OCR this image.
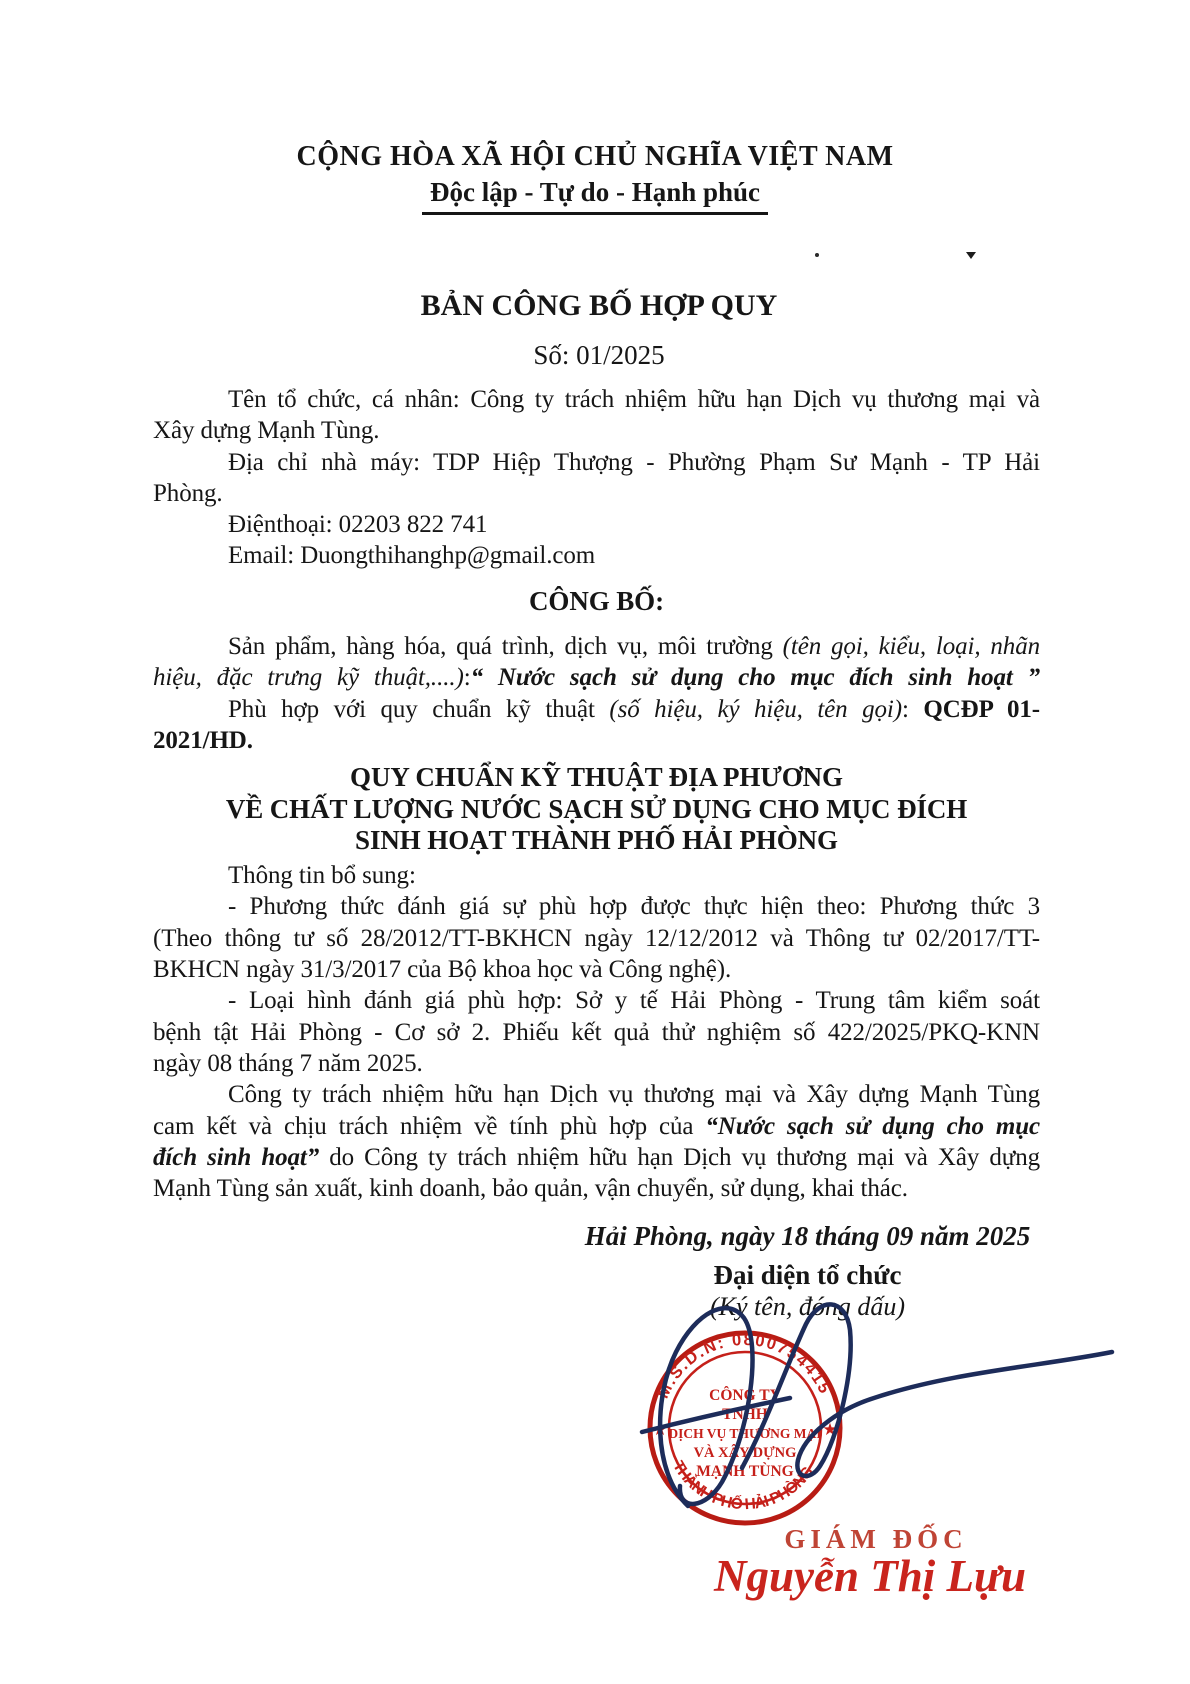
CỘNG HÒA XÃ HỘI CHỦ NGHĨA VIỆT NAM
Độc lập - Tự do - Hạnh phúc
BẢN CÔNG BỐ HỢP QUY
Số: 01/2025
Tên tổ chức, cá nhân: Công ty trách nhiệm hữu hạn Dịch vụ thương mại và
Xây dựng Mạnh Tùng.
Địa chỉ nhà máy: TDP Hiệp Thượng - Phường Phạm Sư Mạnh - TP Hải
Phòng.
Điệnthoại: 02203 822 741
Email: Duongthihanghp@gmail.com
CÔNG BỐ:
Sản phẩm, hàng hóa, quá trình, dịch vụ, môi trường (tên gọi, kiểu, loại, nhãn
hiệu, đặc trưng kỹ thuật,....):“ Nước sạch sử dụng cho mục đích sinh hoạt ”
Phù hợp với quy chuẩn kỹ thuật (số hiệu, ký hiệu, tên gọi): QCĐP 01-
2021/HD.
QUY CHUẨN KỸ THUẬT ĐỊA PHƯƠNG
VỀ CHẤT LƯỢNG NƯỚC SẠCH SỬ DỤNG CHO MỤC ĐÍCH
SINH HOẠT THÀNH PHỐ HẢI PHÒNG
Thông tin bổ sung:
- Phương thức đánh giá sự phù hợp được thực hiện theo: Phương thức 3
(Theo thông tư số 28/2012/TT-BKHCN ngày 12/12/2012 và Thông tư 02/2017/TT-
BKHCN ngày 31/3/2017 của Bộ khoa học và Công nghệ).
- Loại hình đánh giá phù hợp: Sở y tế Hải Phòng - Trung tâm kiểm soát
bệnh tật Hải Phòng - Cơ sở 2. Phiếu kết quả thử nghiệm số 422/2025/PKQ-KNN
ngày 08 tháng 7 năm 2025.
Công ty trách nhiệm hữu hạn Dịch vụ thương mại và Xây dựng Mạnh Tùng
cam kết và chịu trách nhiệm về tính phù hợp của “Nước sạch sử dụng cho mục
đích sinh hoạt” do Công ty trách nhiệm hữu hạn Dịch vụ thương mại và Xây dựng
Mạnh Tùng sản xuất, kinh doanh, bảo quản, vận chuyển, sử dụng, khai thác.
Hải Phòng, ngày 18 tháng 09 năm 2025
Đại diện tổ chức
(Ký tên, đóng dấu)
M.S.D.N: 0800754415
THÀNH PHỐ HẢI PHÒNG
★	★
CÔNG TY
TNHH
DỊCH VỤ THƯƠNG MẠI
VÀ XÂY DỰNG
MẠNH TÙNG
GIÁM ĐỐC
Nguyễn Thị Lựu
